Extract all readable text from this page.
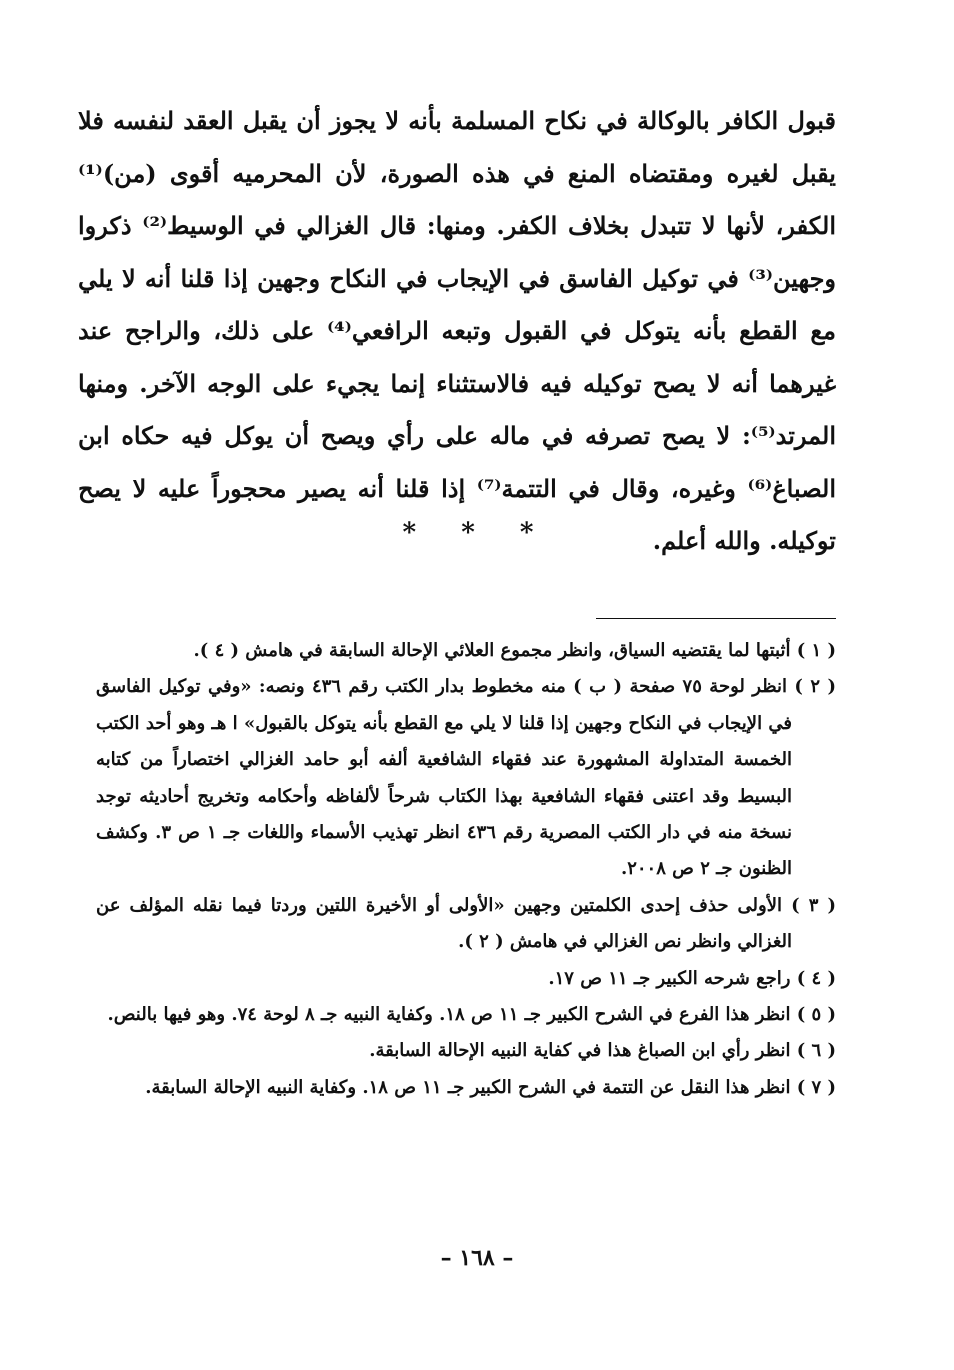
قبول الكافر بالوكالة في نكاح المسلمة بأنه لا يجوز أن يقبل العقد لنفسه فلا يقبل لغيره ومقتضاه المنع في هذه الصورة، لأن المحرميه أقوى (من)⁽¹⁾ الكفر، لأنها لا تتبدل بخلاف الكفر. ومنها: قال الغزالي في الوسيط⁽²⁾ ذكروا وجهين⁽³⁾ في توكيل الفاسق في الإيجاب في النكاح وجهين إذا قلنا أنه لا يلي مع القطع بأنه يتوكل في القبول وتبعه الرافعي⁽⁴⁾ على ذلك، والراجح عند غيرهما أنه لا يصح توكيله فيه فالاستثناء إنما يجيء على الوجه الآخر. ومنها المرتد⁽⁵⁾: لا يصح تصرفه في ماله على رأي ويصح أن يوكل فيه حكاه ابن الصباغ⁽⁶⁾ وغيره، وقال في التتمة⁽⁷⁾ إذا قلنا أنه يصير محجوراً عليه لا يصح توكيله. والله أعلم.

* * *

( ١ ) أثبتها لما يقتضيه السياق، وانظر مجموع العلائي الإحالة السابقة في هامش ( ٤ ).

( ٢ ) انظر لوحة ٧٥ صفحة ( ب ) منه مخطوط بدار الكتب رقم ٤٣٦ ونصه: «وفي توكيل الفاسق في الإيجاب في النكاح وجهين إذا قلنا لا يلي مع القطع بأنه يتوكل بالقبول» ا هـ وهو أحد الكتب الخمسة المتداولة المشهورة عند فقهاء الشافعية ألفه أبو حامد الغزالي اختصاراً من كتابه البسيط وقد اعتنى فقهاء الشافعية بهذا الكتاب شرحاً لألفاظه وأحكامه وتخريج أحاديثه توجد نسخة منه في دار الكتب المصرية رقم ٤٣٦ انظر تهذيب الأسماء واللغات جـ ١ ص ٣. وكشف الظنون جـ ٢ ص ٢٠٠٨.

( ٣ ) الأولى حذف إحدى الكلمتين وجهين «الأولى أو الأخيرة اللتين وردتا فيما نقله المؤلف عن الغزالي وانظر نص الغزالي في هامش ( ٢ ).

( ٤ ) راجع شرحه الكبير جـ ١١ ص ١٧.

( ٥ ) انظر هذا الفرع في الشرح الكبير جـ ١١ ص ١٨. وكفاية النبيه جـ ٨ لوحة ٧٤. وهو فيها بالنص.

( ٦ ) انظر رأي ابن الصباغ هذا في كفاية النبيه الإحالة السابقة.

( ٧ ) انظر هذا النقل عن التتمة في الشرح الكبير جـ ١١ ص ١٨. وكفاية النبيه الإحالة السابقة.

– ١٦٨ –
